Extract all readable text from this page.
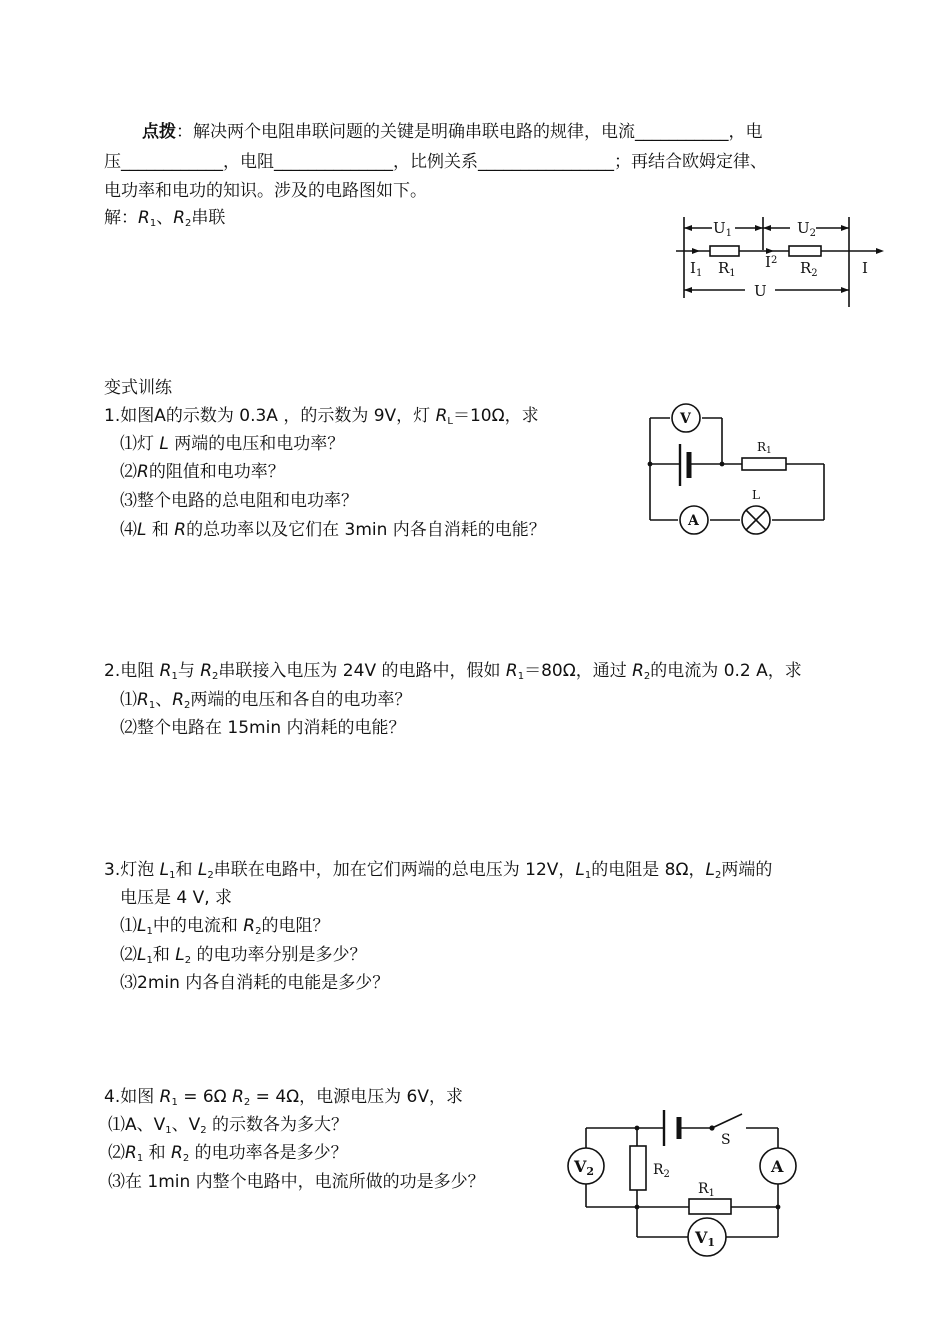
点拨：解决两个电阻串联问题的关键是明确串联电路的规律，电流___________，电
压____________，电阻______________，比例关系________________；再结合欧姆定律、
电功率和电功的知识。涉及的电路图如下。
解：R1、R2串联	$U_1$	$U_2$
$I_1$ $R_1$
$I^2$ $R_2$	I
U
变式训练
1.如图A的示数为 0.3A ，的示数为 9V，灯 RL＝10Ω，求
⑴灯 L 两端的电压和电功率？
⑵R的阻值和电功率？
⑶整个电路的总电阻和电功率？
⑷L 和 R的总功率以及它们在 3min 内各自消耗的电能？
V
A
R1
L
2.电阻 R1与 R2串联接入电压为 24V 的电路中，假如 R1＝80Ω，通过 R2的电流为 0.2 A，求
⑴R1、R2两端的电压和各自的电功率？
⑵整个电路在 15min 内消耗的电能？
3.灯泡 L1和 L2串联在电路中，加在它们两端的总电压为 12V，L1的电阻是 8Ω，L2两端的
电压是 4 V, 求
⑴L1中的电流和 R2的电阻？
⑵L1和 L2 的电功率分别是多少？
⑶2min 内各自消耗的电能是多少？
4.如图 R1 = 6Ω R2 = 4Ω，电源电压为 6V，求
⑴A、V1、V2 的示数各为多大？
⑵R1 和 R2 的电功率各是多少？
⑶在 1min 内整个电路中，电流所做的功是多少？
V2	A
V1
$R_2$
S
$R_1$
